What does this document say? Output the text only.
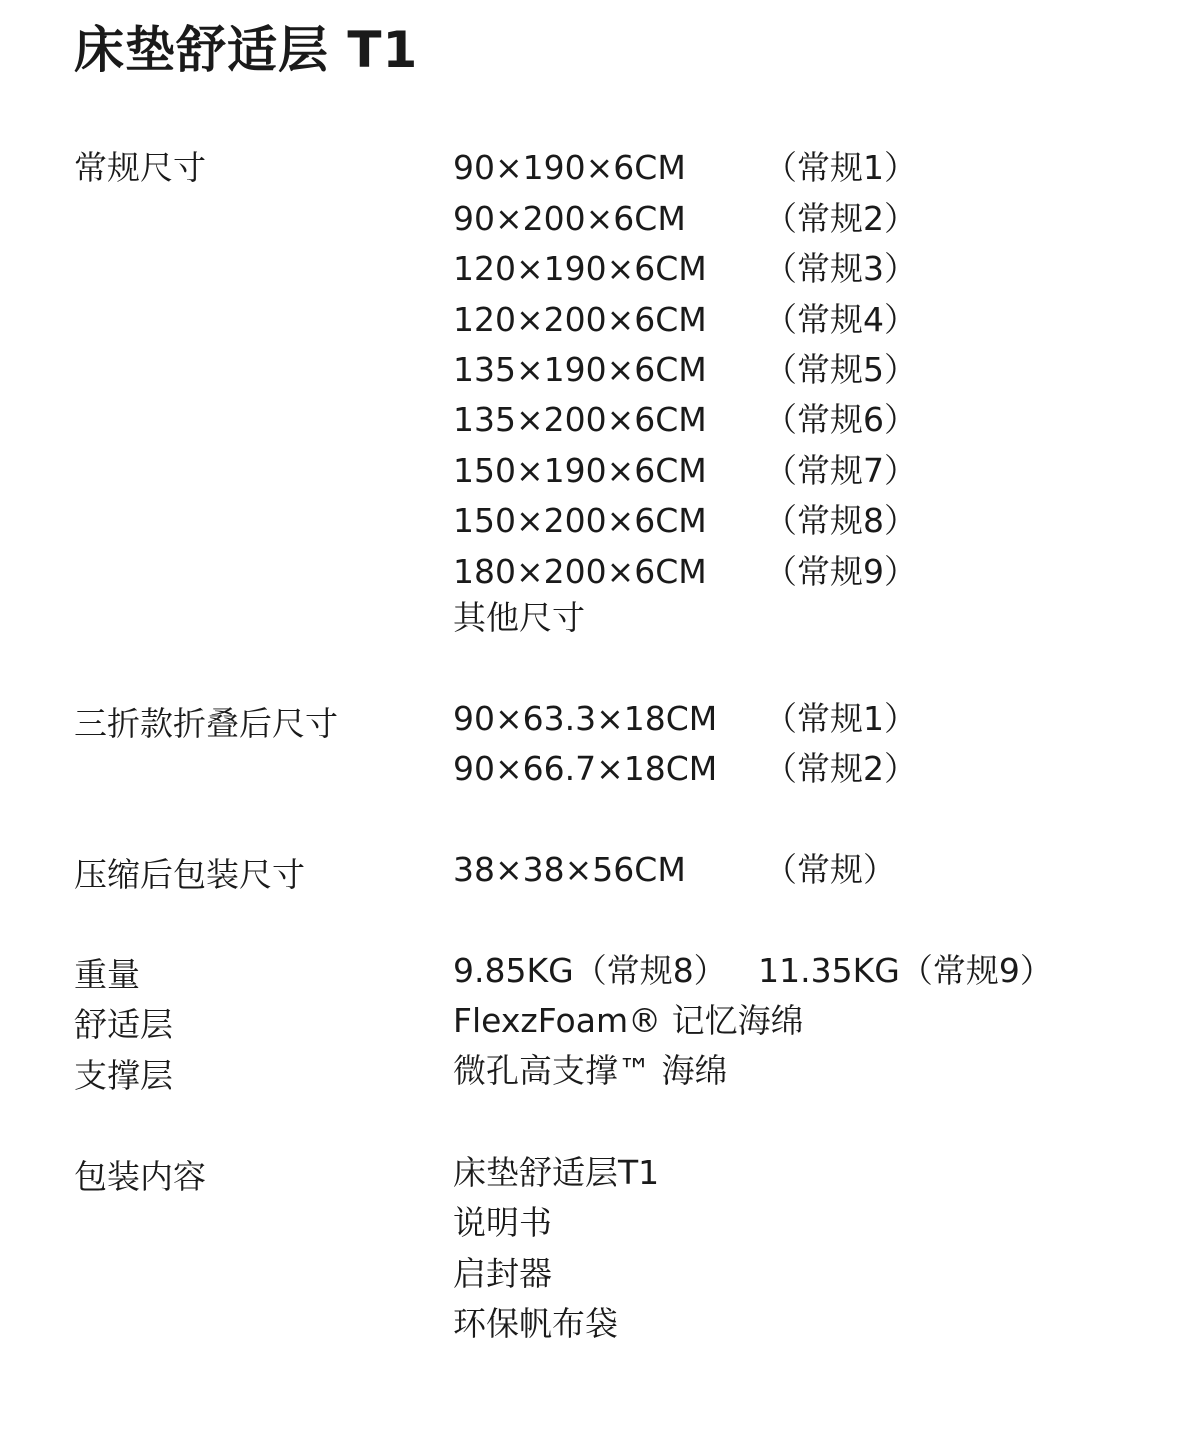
床垫舒适层 T1
常规尺寸	90×190×6CM （常规1）
90×200×6CM （常规2）
120×190×6CM （常规3）
120×200×6CM （常规4）
135×190×6CM （常规5）
135×200×6CM （常规6）
150×190×6CM （常规7）
150×200×6CM （常规8）
180×200×6CM （常规9）
其他尺寸
三折款折叠后尺寸	90×63.3×18CM （常规1）
90×66.7×18CM （常规2）
压缩后包装尺寸	38×38×56CM （常规）
重量	9.85KG（常规8）   11.35KG（常规9）
舒适层	FlexzFoam® 记忆海绵
支撑层	微孔高支撑™ 海绵
包装内容	床垫舒适层T1
说明书
启封器
环保帆布袋
